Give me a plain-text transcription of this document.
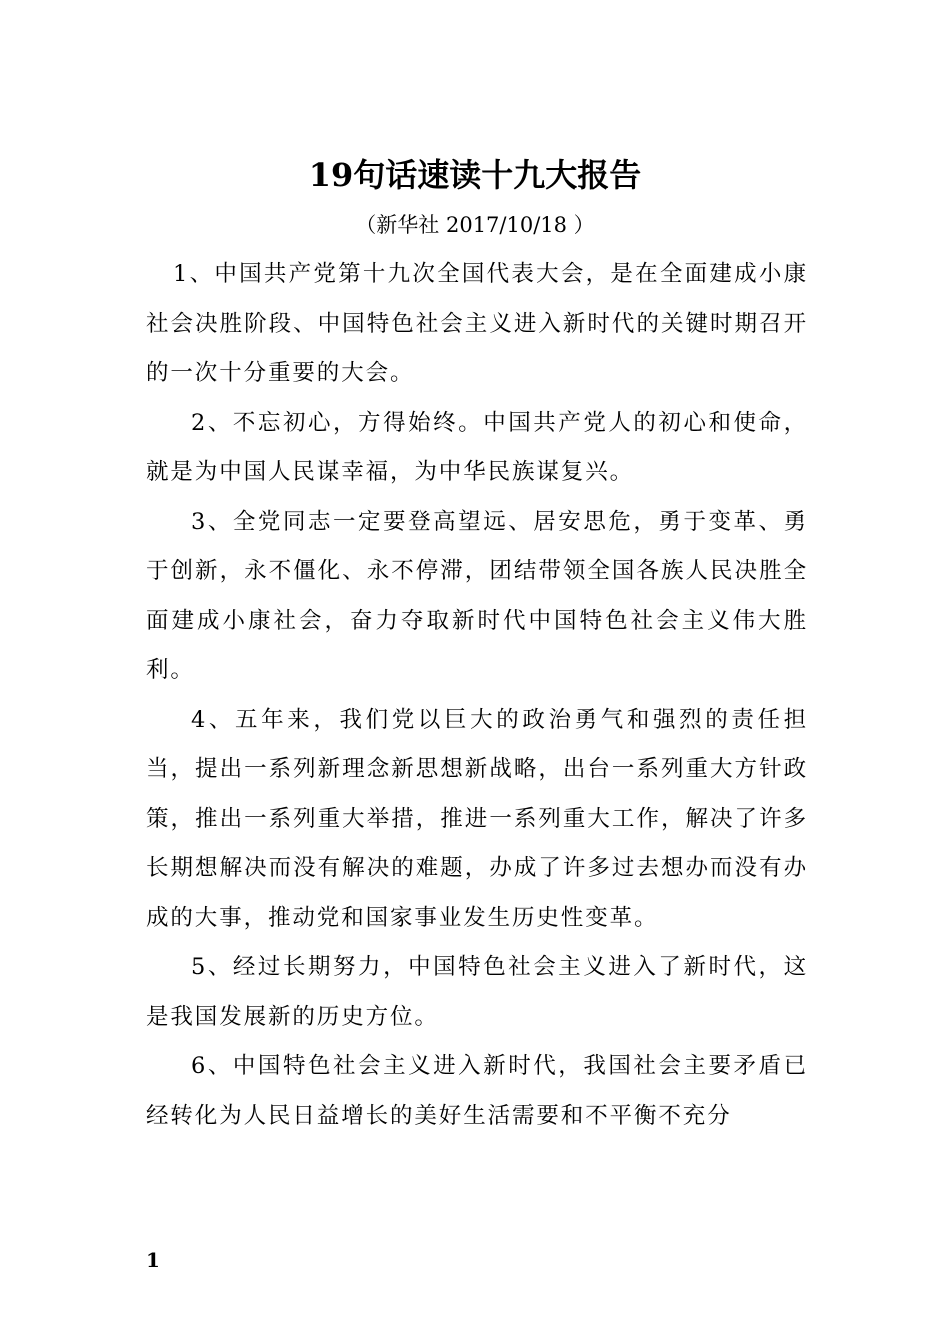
19句话速读十九大报告

（新华社 2017/10/18 ）

1、中国共产党第十九次全国代表大会，是在全面建成小康社会决胜阶段、中国特色社会主义进入新时代的关键时期召开的一次十分重要的大会。

2、不忘初心，方得始终。中国共产党人的初心和使命，就是为中国人民谋幸福，为中华民族谋复兴。

3、全党同志一定要登高望远、居安思危，勇于变革、勇于创新，永不僵化、永不停滞，团结带领全国各族人民决胜全面建成小康社会，奋力夺取新时代中国特色社会主义伟大胜利。

4、五年来，我们党以巨大的政治勇气和强烈的责任担当，提出一系列新理念新思想新战略，出台一系列重大方针政策，推出一系列重大举措，推进一系列重大工作，解决了许多长期想解决而没有解决的难题，办成了许多过去想办而没有办成的大事，推动党和国家事业发生历史性变革。

5、经过长期努力，中国特色社会主义进入了新时代，这是我国发展新的历史方位。

6、中国特色社会主义进入新时代，我国社会主要矛盾已经转化为人民日益增长的美好生活需要和不平衡不充分

1
